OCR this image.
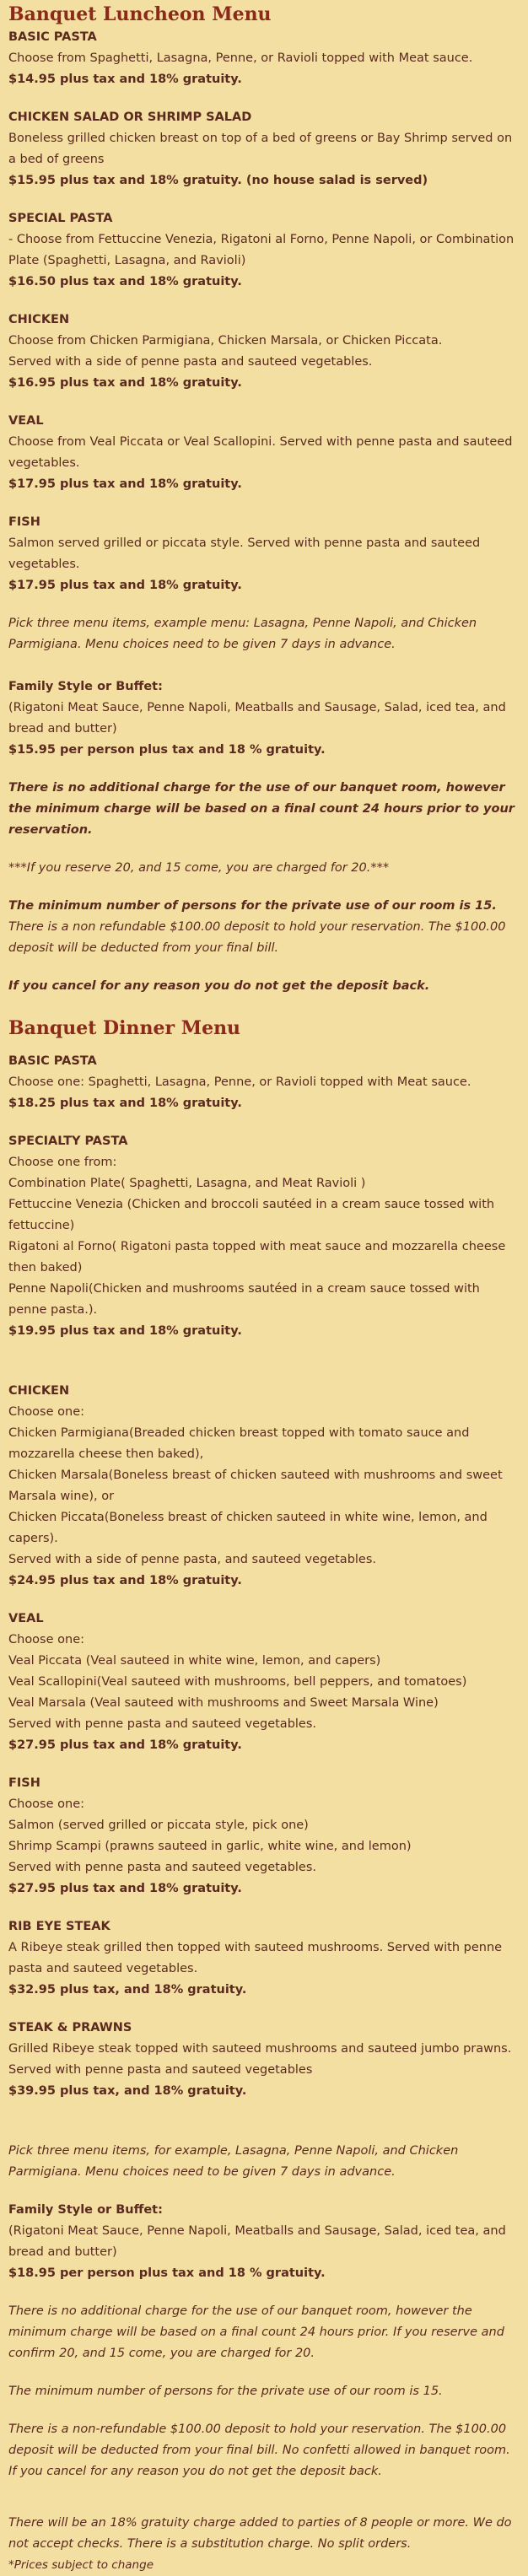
Banquet Luncheon Menu

BASIC PASTA

Choose from Spaghetti, Lasagna, Penne, or Ravioli topped with Meat sauce.

$14.95 plus tax and 18% gratuity.

CHICKEN SALAD OR SHRIMP SALAD

Boneless grilled chicken breast on top of a bed of greens or Bay Shrimp served on a bed of greens

$15.95 plus tax and 18% gratuity. (no house salad is served)

SPECIAL PASTA

- Choose from Fettuccine Venezia, Rigatoni al Forno, Penne Napoli, or Combination Plate (Spaghetti, Lasagna, and Ravioli)

$16.50 plus tax and 18% gratuity.

CHICKEN

Choose from Chicken Parmigiana, Chicken Marsala, or Chicken Piccata.

Served with a side of penne pasta and sauteed vegetables.

$16.95 plus tax and 18% gratuity.

VEAL

Choose from Veal Piccata or Veal Scallopini. Served with penne pasta and sauteed vegetables.

$17.95 plus tax and 18% gratuity.

FISH

Salmon served grilled or piccata style. Served with penne pasta and sauteed vegetables.

$17.95 plus tax and 18% gratuity.

Pick three menu items, example menu: Lasagna, Penne Napoli, and Chicken Parmigiana. Menu choices need to be given 7 days in advance.

Family Style or Buffet:

(Rigatoni Meat Sauce, Penne Napoli, Meatballs and Sausage, Salad, iced tea, and bread and butter)

$15.95 per person plus tax and 18 % gratuity.

There is no additional charge for the use of our banquet room, however the minimum charge will be based on a final count 24 hours prior to your reservation.

***If you reserve 20, and 15 come, you are charged for 20.***

The minimum number of persons for the private use of our room is 15.

There is a non refundable $100.00 deposit to hold your reservation. The $100.00 deposit will be deducted from your final bill.

If you cancel for any reason you do not get the deposit back.

Banquet Dinner Menu

BASIC PASTA

Choose one: Spaghetti, Lasagna, Penne, or Ravioli topped with Meat sauce.

$18.25 plus tax and 18% gratuity.

SPECIALTY PASTA

Choose one from:

Combination Plate( Spaghetti, Lasagna, and Meat Ravioli )

Fettuccine Venezia (Chicken and broccoli sautéed in a cream sauce tossed with fettuccine)

Rigatoni al Forno( Rigatoni pasta topped with meat sauce and mozzarella cheese then baked)

Penne Napoli(Chicken and mushrooms sautéed in a cream sauce tossed with penne pasta.).

$19.95 plus tax and 18% gratuity.

CHICKEN

Choose one:

Chicken Parmigiana(Breaded chicken breast topped with tomato sauce and mozzarella cheese then baked),

Chicken Marsala(Boneless breast of chicken sauteed with mushrooms and sweet Marsala wine), or

Chicken Piccata(Boneless breast of chicken sauteed in white wine, lemon, and capers).

Served with a side of penne pasta, and sauteed vegetables.

$24.95 plus tax and 18% gratuity.

VEAL

Choose one:

Veal Piccata (Veal sauteed in white wine, lemon, and capers)

Veal Scallopini(Veal sauteed with mushrooms, bell peppers, and tomatoes)

Veal Marsala (Veal sauteed with mushrooms and Sweet Marsala Wine)

Served with penne pasta and sauteed vegetables.

$27.95 plus tax and 18% gratuity.

FISH

Choose one:

Salmon (served grilled or piccata style, pick one)

Shrimp Scampi (prawns sauteed in garlic, white wine, and lemon)

Served with penne pasta and sauteed vegetables.

$27.95 plus tax and 18% gratuity.

RIB EYE STEAK

A Ribeye steak grilled then topped with sauteed mushrooms. Served with penne pasta and sauteed vegetables.

$32.95 plus tax, and 18% gratuity.

STEAK & PRAWNS

Grilled Ribeye steak topped with sauteed mushrooms and sauteed jumbo prawns. Served with penne pasta and sauteed vegetables

$39.95 plus tax, and 18% gratuity.

Pick three menu items, for example, Lasagna, Penne Napoli, and Chicken Parmigiana. Menu choices need to be given 7 days in advance.

Family Style or Buffet:

(Rigatoni Meat Sauce, Penne Napoli, Meatballs and Sausage, Salad, iced tea, and bread and butter)

$18.95 per person plus tax and 18 % gratuity.

There is no additional charge for the use of our banquet room, however the minimum charge will be based on a final count 24 hours prior. If you reserve and confirm 20, and 15 come, you are charged for 20.

The minimum number of persons for the private use of our room is 15.

There is a non-refundable $100.00 deposit to hold your reservation. The $100.00 deposit will be deducted from your final bill. No confetti allowed in banquet room. If you cancel for any reason you do not get the deposit back.

There will be an 18% gratuity charge added to parties of 8 people or more. We do not accept checks. There is a substitution charge. No split orders.

*Prices subject to change
